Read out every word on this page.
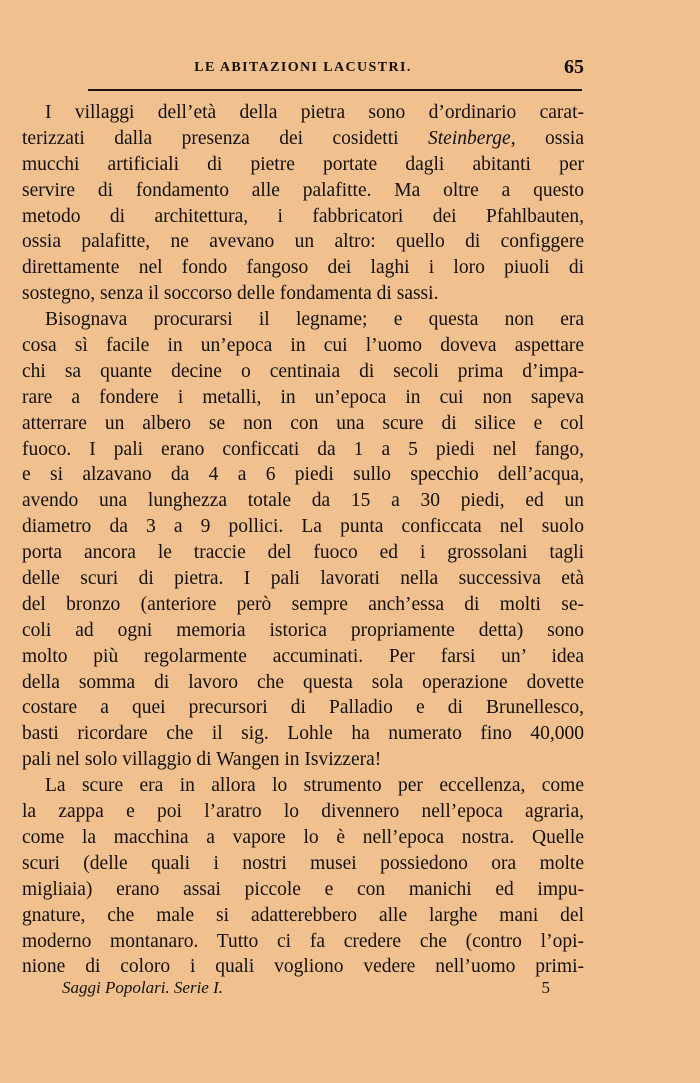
LE ABITAZIONI LACUSTRI.	65
I villaggi dell’età della pietra sono d’ordinario carat-
terizzati dalla presenza dei cosidetti Steinberge, ossia
mucchi artificiali di pietre portate dagli abitanti per
servire di fondamento alle palafitte. Ma oltre a questo
metodo di architettura, i fabbricatori dei Pfahlbauten,
ossia palafitte, ne avevano un altro: quello di configgere
direttamente nel fondo fangoso dei laghi i loro piuoli di
sostegno, senza il soccorso delle fondamenta di sassi.
Bisognava procurarsi il legname; e questa non era
cosa sì facile in un’epoca in cui l’uomo doveva aspettare
chi sa quante decine o centinaia di secoli prima d’impa-
rare a fondere i metalli, in un’epoca in cui non sapeva
atterrare un albero se non con una scure di silice e col
fuoco. I pali erano conficcati da 1 a 5 piedi nel fango,
e si alzavano da 4 a 6 piedi sullo specchio dell’acqua,
avendo una lunghezza totale da 15 a 30 piedi, ed un
diametro da 3 a 9 pollici. La punta conficcata nel suolo
porta ancora le traccie del fuoco ed i grossolani tagli
delle scuri di pietra. I pali lavorati nella successiva età
del bronzo (anteriore però sempre anch’essa di molti se-
coli ad ogni memoria istorica propriamente detta) sono
molto più regolarmente accuminati. Per farsi un’ idea
della somma di lavoro che questa sola operazione dovette
costare a quei precursori di Palladio e di Brunellesco,
basti ricordare che il sig. Lohle ha numerato fino 40,000
pali nel solo villaggio di Wangen in Isvizzera!
La scure era in allora lo strumento per eccellenza, come
la zappa e poi l’aratro lo divennero nell’epoca agraria,
come la macchina a vapore lo è nell’epoca nostra. Quelle
scuri (delle quali i nostri musei possiedono ora molte
migliaia) erano assai piccole e con manichi ed impu-
gnature, che male si adatterebbero alle larghe mani del
moderno montanaro. Tutto ci fa credere che (contro l’opi-
nione di coloro i quali vogliono vedere nell’uomo primi-
Saggi Popolari. Serie I.	5
